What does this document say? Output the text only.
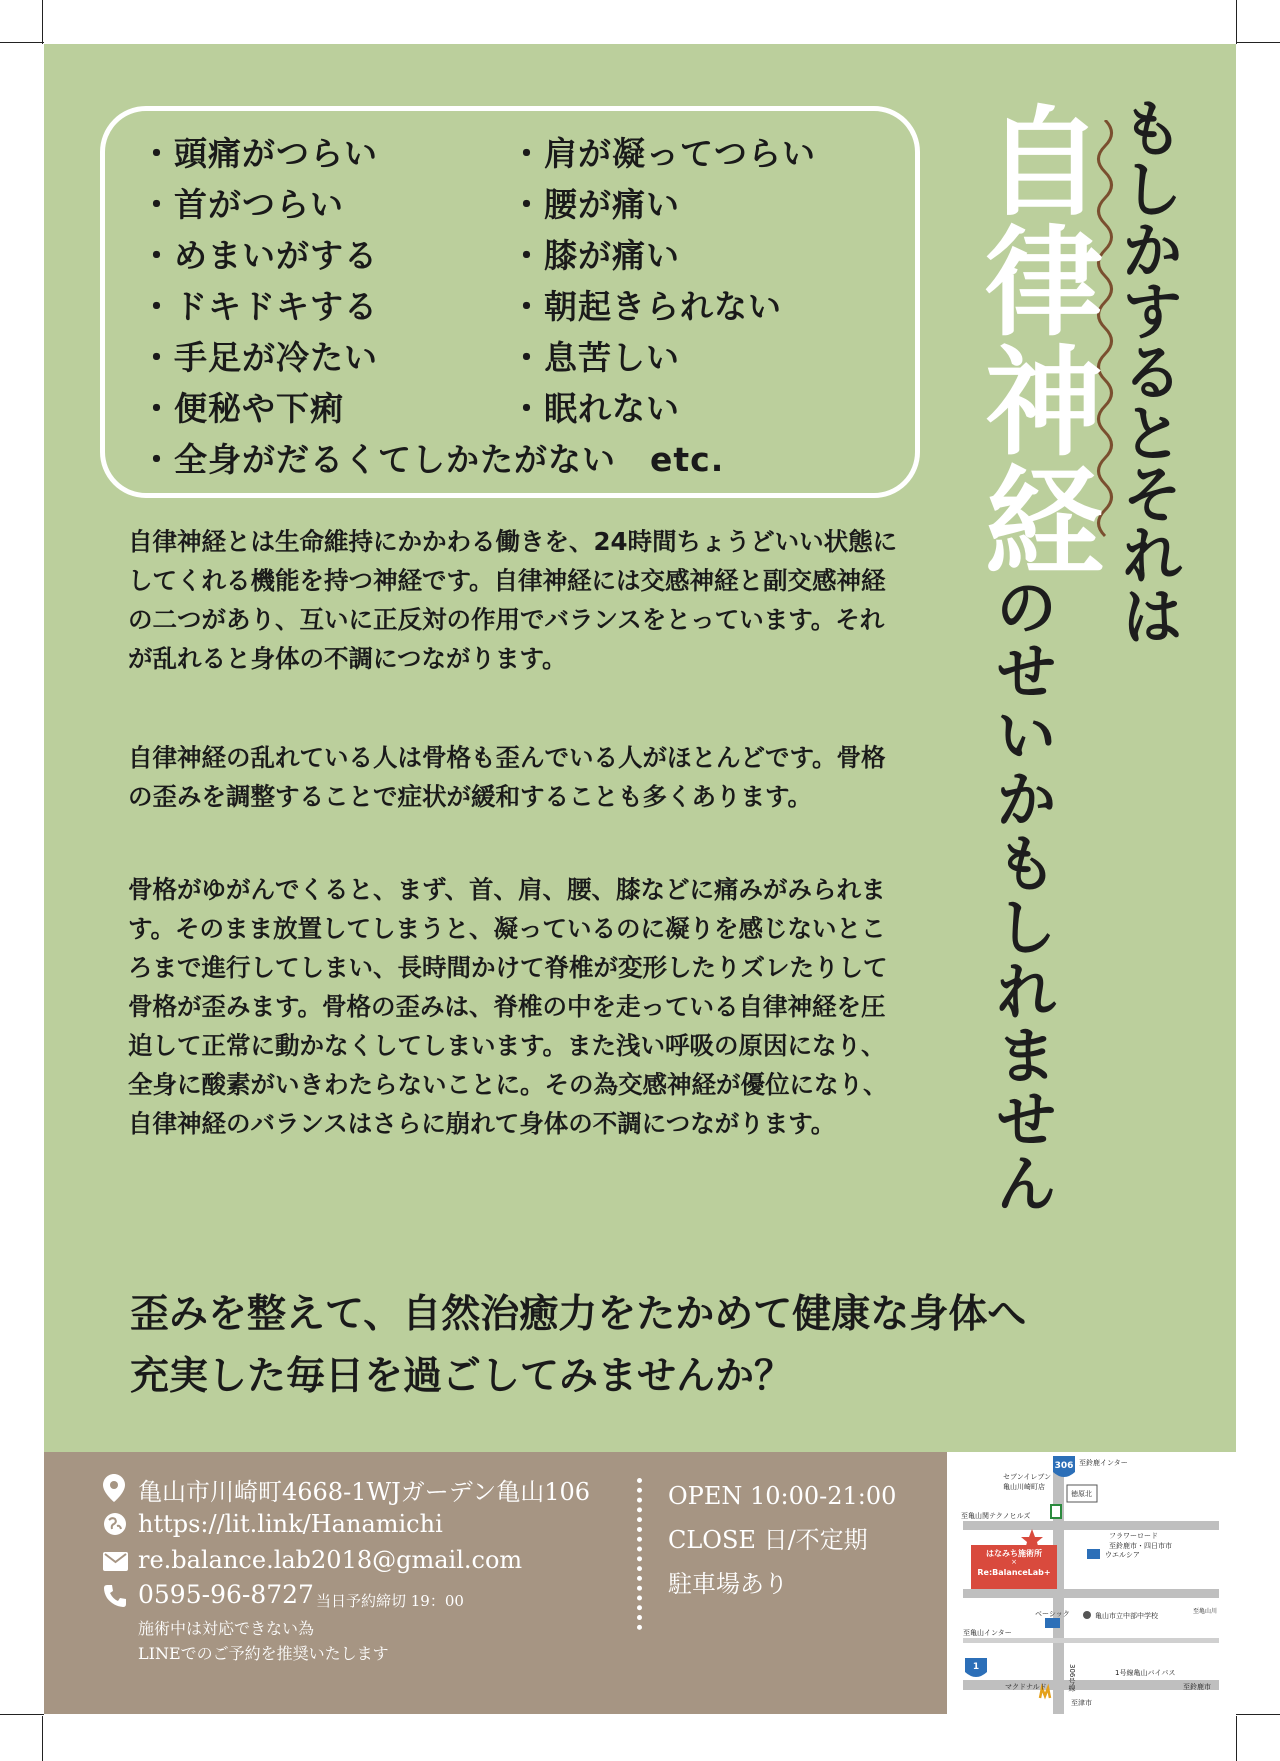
・頭痛がつらい
・首がつらい
・めまいがする
・ドキドキする
・手足が冷たい
・便秘や下痢
・肩が凝ってつらい
・腰が痛い
・膝が痛い
・朝起きられない
・息苦しい
・眠れない
・全身がだるくてしかたがない　etc.	もしかするとそれは
自律神経
のせいかもしれません

自律神経とは生命維持にかかわる働きを、24時間ちょうどいい状態にしてくれる機能を持つ神経です。自律神経には交感神経と副交感神経の二つがあり、互いに正反対の作用でバランスをとっています。それが乱れると身体の不調につながります。

自律神経の乱れている人は骨格も歪んでいる人がほとんどです。骨格の歪みを調整することで症状が緩和することも多くあります。

骨格がゆがんでくると、まず、首、肩、腰、膝などに痛みがみられます。そのまま放置してしまうと、凝っているのに凝りを感じないところまで進行してしまい、長時間かけて脊椎が変形したりズレたりして骨格が歪みます。骨格の歪みは、脊椎の中を走っている自律神経を圧迫して正常に動かなくしてしまいます。また浅い呼吸の原因になり、全身に酸素がいきわたらないことに。その為交感神経が優位になり、自律神経のバランスはさらに崩れて身体の不調につながります。

歪みを整えて、自然治癒力をたかめて健康な身体へ

充実した毎日を過ごしてみませんか？

亀山市川崎町4668-1WJガーデン亀山106
https://lit.link/Hanamichi
re.balance.lab2018@gmail.com
0595-96-8727 当日予約締切 19：00
施術中は対応できない為
LINEでのご予約を推奨いたします
OPEN 10:00-21:00
CLOSE 日/不定期
駐車場あり
306
1
至鈴鹿インター
セブンイレブン
亀山川崎町店
徳原北
至亀山関テクノヒルズ
フラワーロード
至鈴鹿市・四日市市
ウエルシア
はなみち施術所
×
Re:BalanceLab+
至亀山川
ベーシック	亀山市立中部中学校
至亀山インター
1号線亀山バイパス
至鈴鹿市
マクドナルド
至津市
306号線
